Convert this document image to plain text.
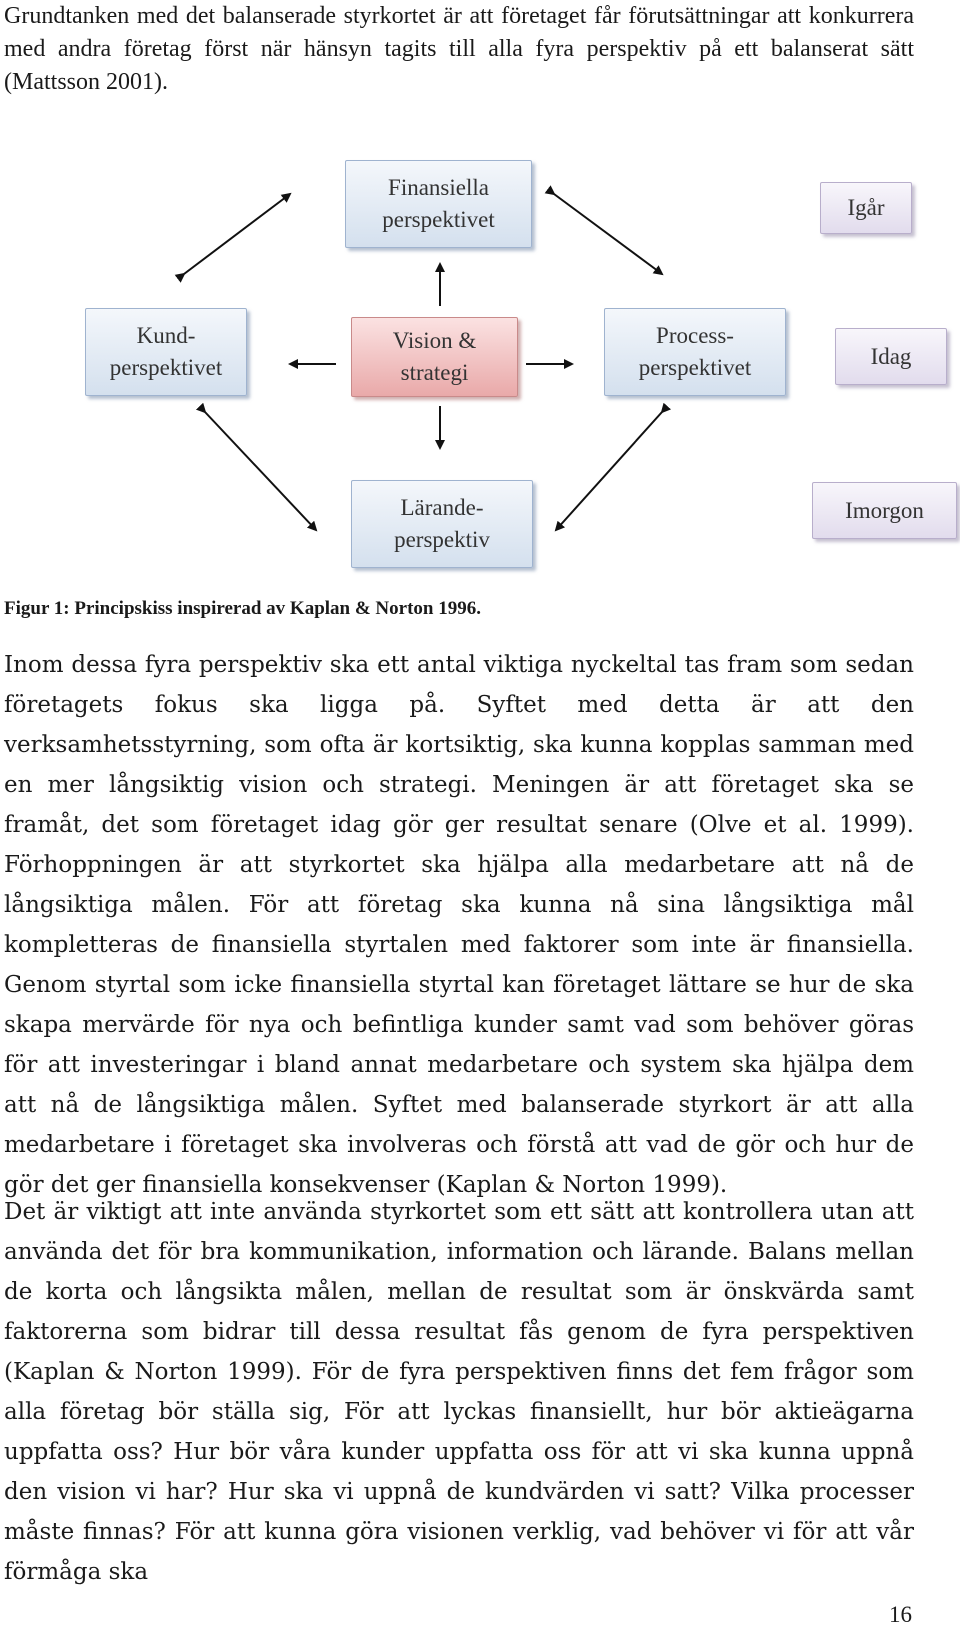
Grundtanken med det balanserade styrkortet är att företaget får förutsättningar att konkurrera med andra företag först när hänsyn tagits till alla fyra perspektiv på ett balanserat sätt (Mattsson 2001).

Finansiella
perspektivet
Kund-
perspektivet
Vision &
strategi
Process-
perspektivet
Lärande-
perspektiv
Igår
Idag
Imorgon
Figur 1: Principskiss inspirerad av Kaplan & Norton 1996.

Inom dessa fyra perspektiv ska ett antal viktiga nyckeltal tas fram som sedan företagets fokus ska ligga på. Syftet med detta är att den verksamhetsstyrning, som ofta är kortsiktig, ska kunna kopplas samman med en mer långsiktig vision och strategi. Meningen är att företaget ska se framåt, det som företaget idag gör ger resultat senare (Olve et al. 1999). Förhoppningen är att styrkortet ska hjälpa alla medarbetare att nå de långsiktiga målen. För att företag ska kunna nå sina långsiktiga mål kompletteras de finansiella styrtalen med faktorer som inte är finansiella. Genom styrtal som icke finansiella styrtal kan företaget lättare se hur de ska skapa mervärde för nya och befintliga kunder samt vad som behöver göras för att investeringar i bland annat medarbetare och system ska hjälpa dem att nå de långsiktiga målen. Syftet med balanserade styrkort är att alla medarbetare i företaget ska involveras och förstå att vad de gör och hur de gör det ger finansiella konsekvenser (Kaplan & Norton 1999).

Det är viktigt att inte använda styrkortet som ett sätt att kontrollera utan att använda det för bra kommunikation, information och lärande. Balans mellan de korta och långsikta målen, mellan de resultat som är önskvärda samt faktorerna som bidrar till dessa resultat fås genom de fyra perspektiven (Kaplan & Norton 1999). För de fyra perspektiven finns det fem frågor som alla företag bör ställa sig, För att lyckas finansiellt, hur bör aktieägarna uppfatta oss? Hur bör våra kunder uppfatta oss för att vi ska kunna uppnå den vision vi har? Hur ska vi uppnå de kundvärden vi satt? Vilka processer måste finnas? För att kunna göra visionen verklig, vad behöver vi för att vår förmåga ska

16
